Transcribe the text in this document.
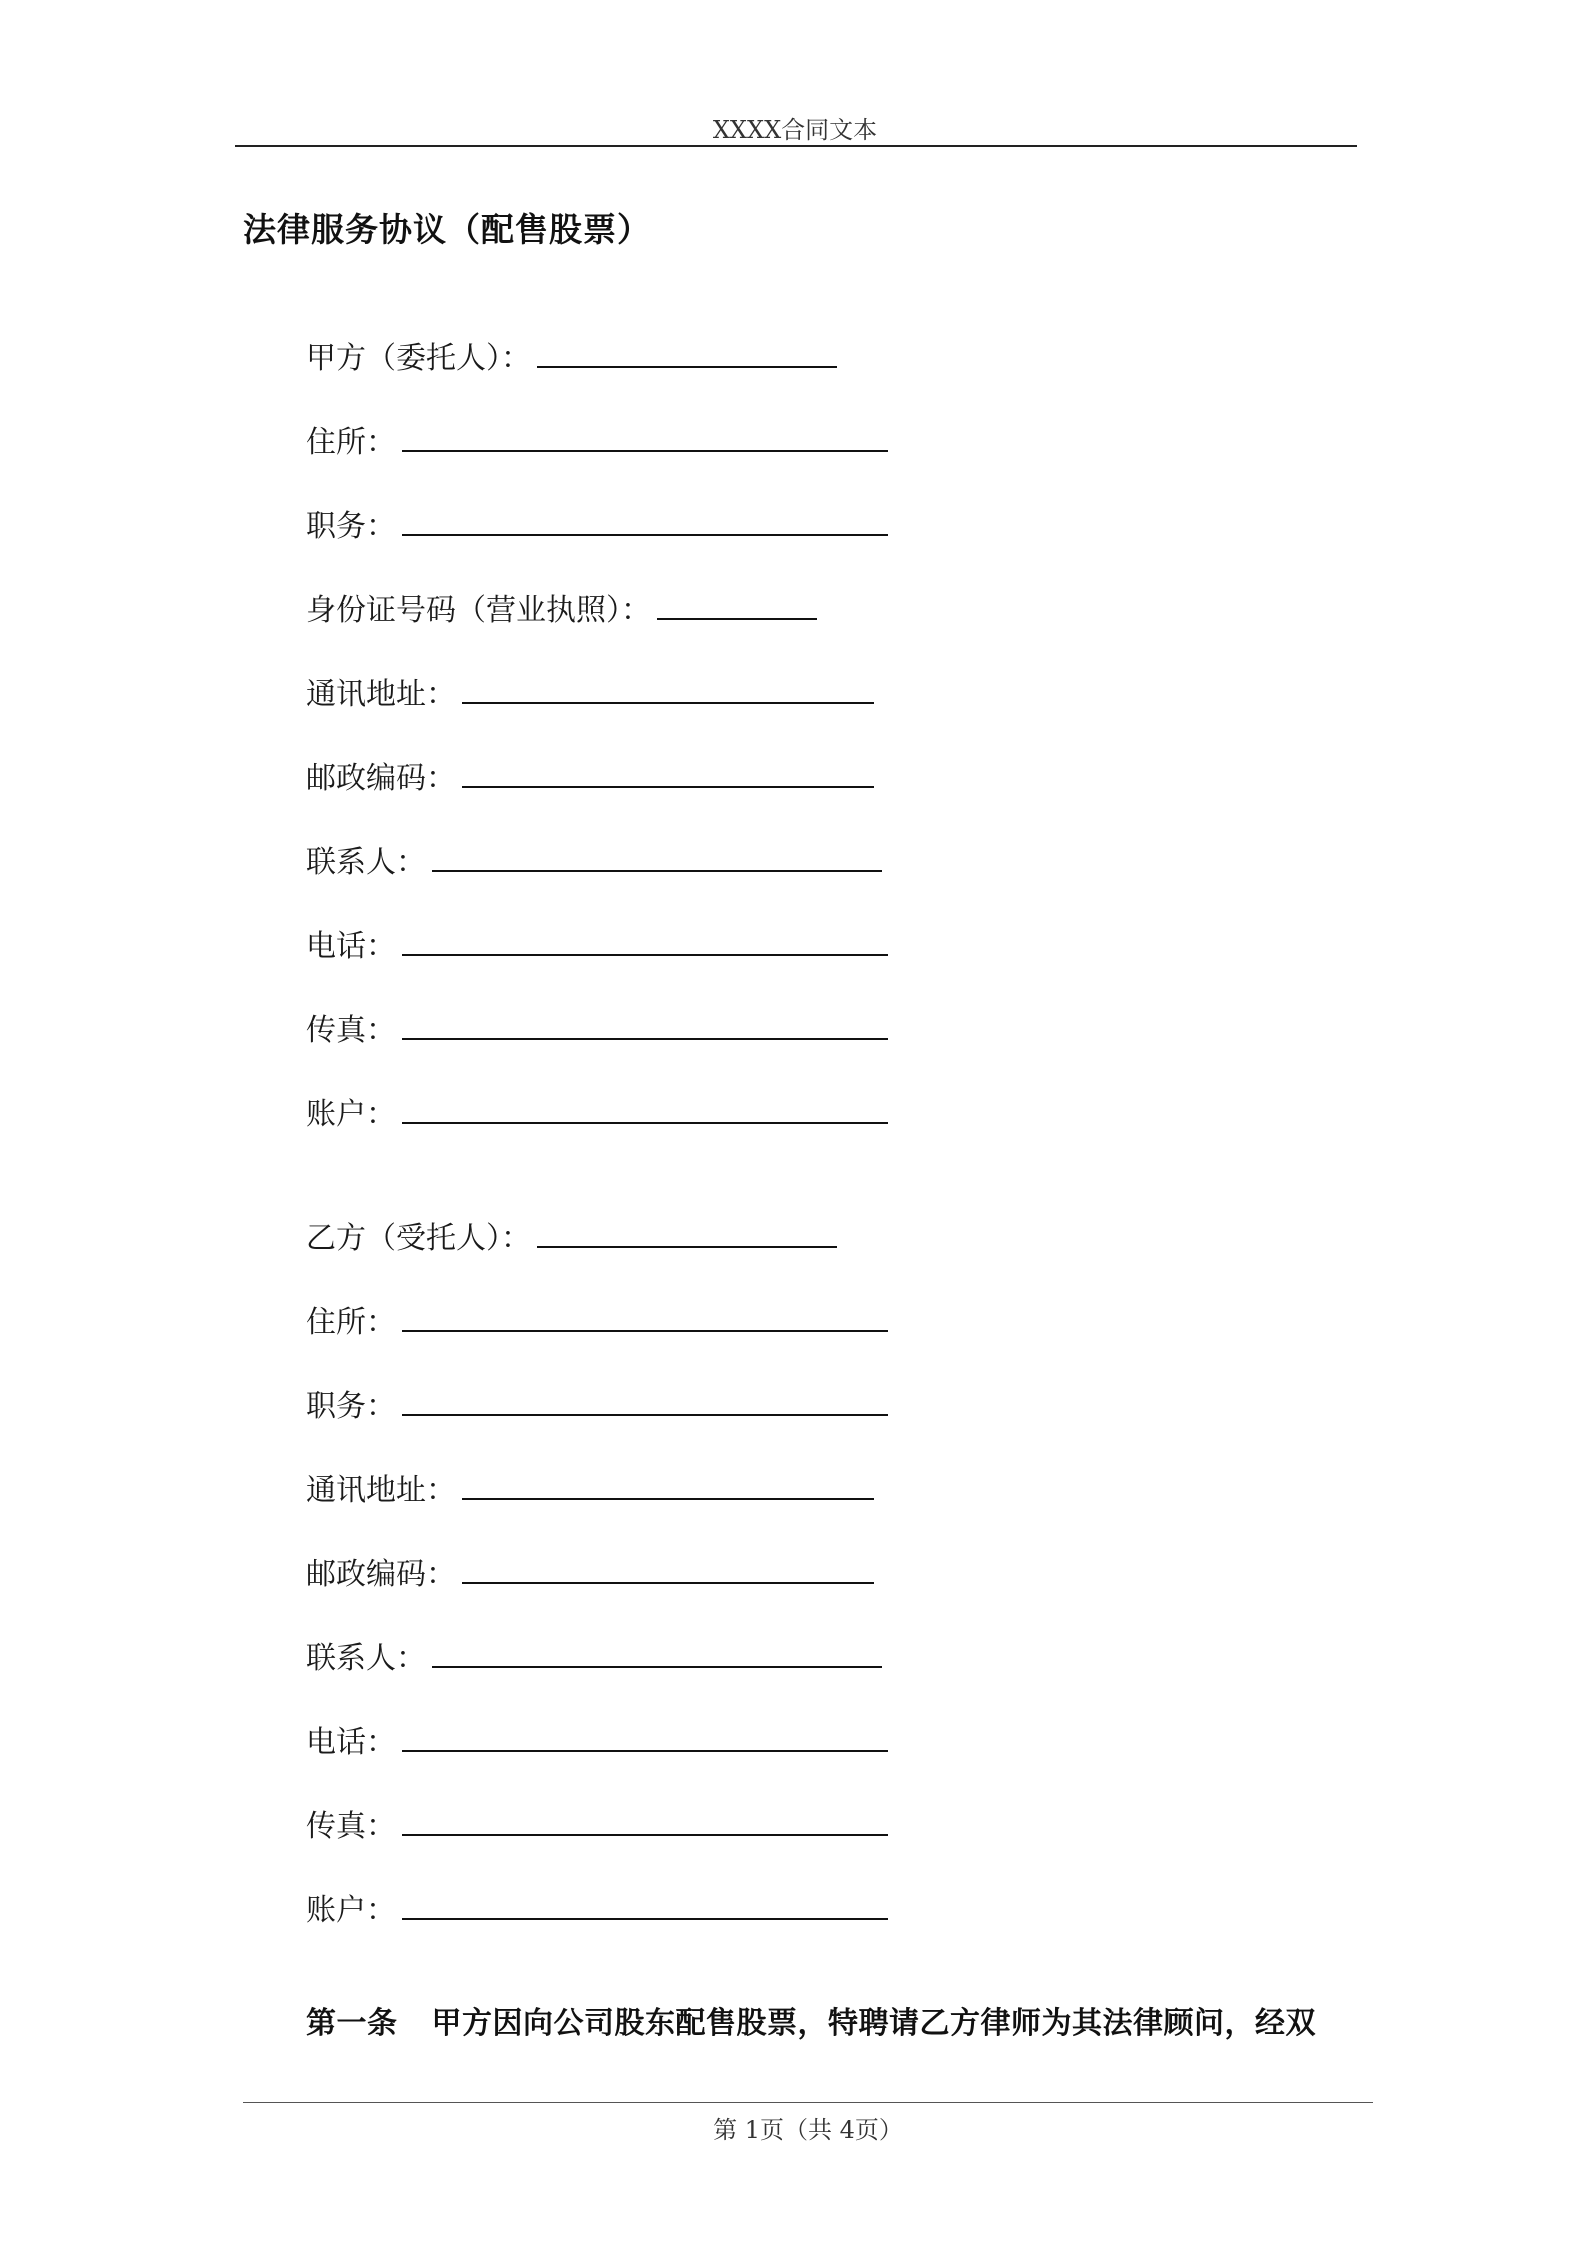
XXXX合同文本
法律服务协议（配售股票）
甲方（委托人）：
住所：
职务：
身份证号码（营业执照）：
通讯地址：
邮政编码：
联系人：
电话：
传真：
账户：
乙方（受托人）：
住所：
职务：
通讯地址：
邮政编码：
联系人：
电话：
传真：
账户：
第一条 甲方因向公司股东配售股票，特聘请乙方律师为其法律顾问，经双
第 1页（共 4页）
